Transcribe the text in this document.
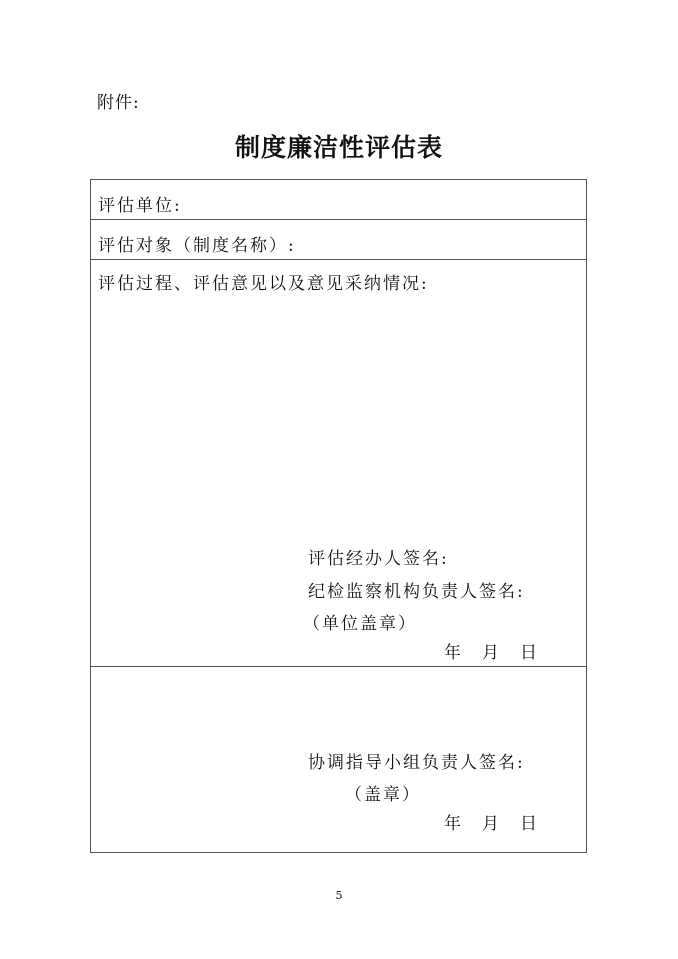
附件:
制度廉洁性评估表
评估单位:
评估对象（制度名称）:
评估过程、评估意见以及意见采纳情况:
评估经办人签名:
纪检监察机构负责人签名:
（单位盖章）
年　月　日
协调指导小组负责人签名:
（盖章）
年　月　日
5
